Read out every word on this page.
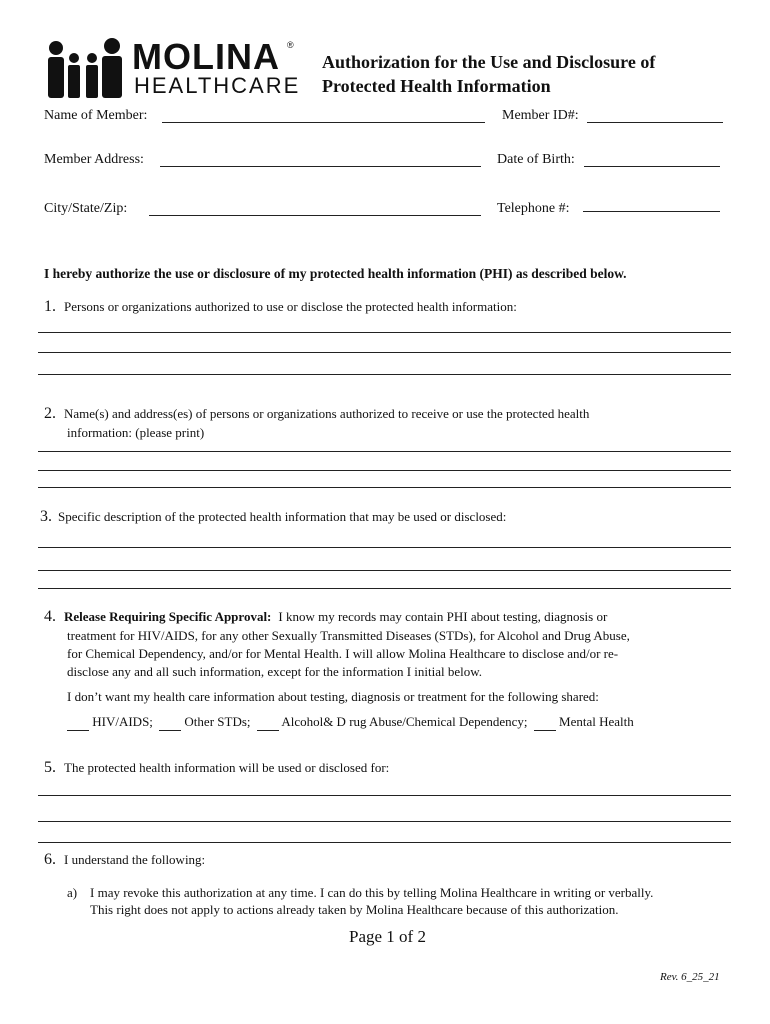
MOLINA ®
HEALTHCARE
Authorization for the Use and Disclosure of
Protected Health Information
Name of Member:	Member ID#:
Member Address:	Date of Birth:
City/State/Zip:	Telephone #:
I hereby authorize the use or disclosure of my protected health information (PHI) as described below.
1. Persons or organizations authorized to use or disclose the protected health information:
2. Name(s) and address(es) of persons or organizations authorized to receive or use the protected health
information: (please print)
3. Specific description of the protected health information that may be used or disclosed:
4. Release Requiring Specific Approval: I know my records may contain PHI about testing, diagnosis or
treatment for HIV/AIDS, for any other Sexually Transmitted Diseases (STDs), for Alcohol and Drug Abuse,
for Chemical Dependency, and/or for Mental Health. I will allow Molina Healthcare to disclose and/or re-
disclose any and all such information, except for the information I initial below.
I don’t want my health care information about testing, diagnosis or treatment for the following shared:
HIV/AIDS; Other STDs; Alcohol& D rug Abuse/Chemical Dependency; Mental Health
5. The protected health information will be used or disclosed for:
6. I understand the following:
a) I may revoke this authorization at any time. I can do this by telling Molina Healthcare in writing or verbally.
This right does not apply to actions already taken by Molina Healthcare because of this authorization.
Page 1 of 2
Rev. 6_25_21
